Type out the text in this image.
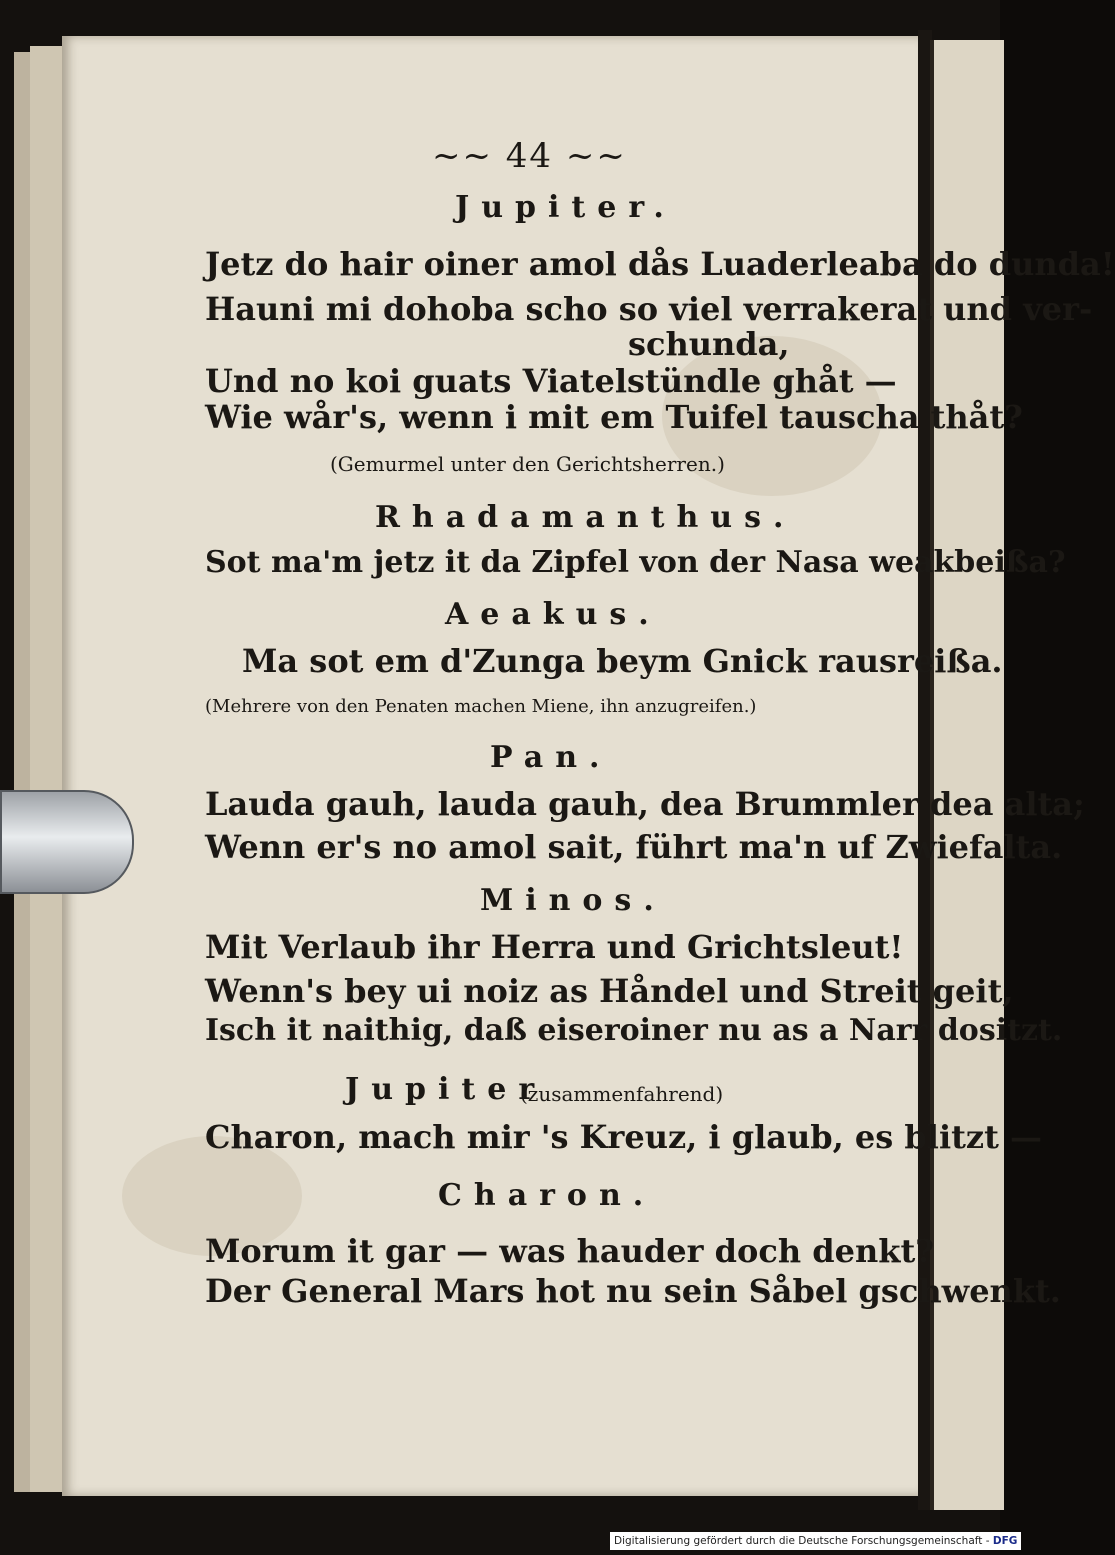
~~ 44 ~~
Jupiter.
Jetz do hair oiner amol dås Luaderleaba do dunda!
Hauni mi dohoba scho so viel verrakerat und ver-
schunda,
Und no koi guats Viatelstündle ghåt —
Wie wår's, wenn i mit em Tuifel tauscha thåt?
(Gemurmel unter den Gerichtsherren.)
Rhadamanthus.
Sot ma'm jetz it da Zipfel von der Nasa weakbeißa?
Aeakus.
Ma sot em d'Zunga beym Gnick rausreißa.
(Mehrere von den Penaten machen Miene, ihn anzugreifen.)
Pan.
Lauda gauh, lauda gauh, dea Brummler dea alta;
Wenn er's no amol sait, führt ma'n uf Zwiefalta.
Minos.
Mit Verlaub ihr Herra und Grichtsleut!
Wenn's bey ui noiz as Håndel und Streit geit,
Isch it naithig, daß eiseroiner nu as a Narr dositzt.
Jupiter
(zusammenfahrend)
Charon, mach mir 's Kreuz, i glaub, es blitzt —
Charon.
Morum it gar — was hauder doch denkt?
Der General Mars hot nu sein Såbel gschwenkt.
Digitalisierung gefördert durch die Deutsche Forschungsgemeinschaft - DFG
